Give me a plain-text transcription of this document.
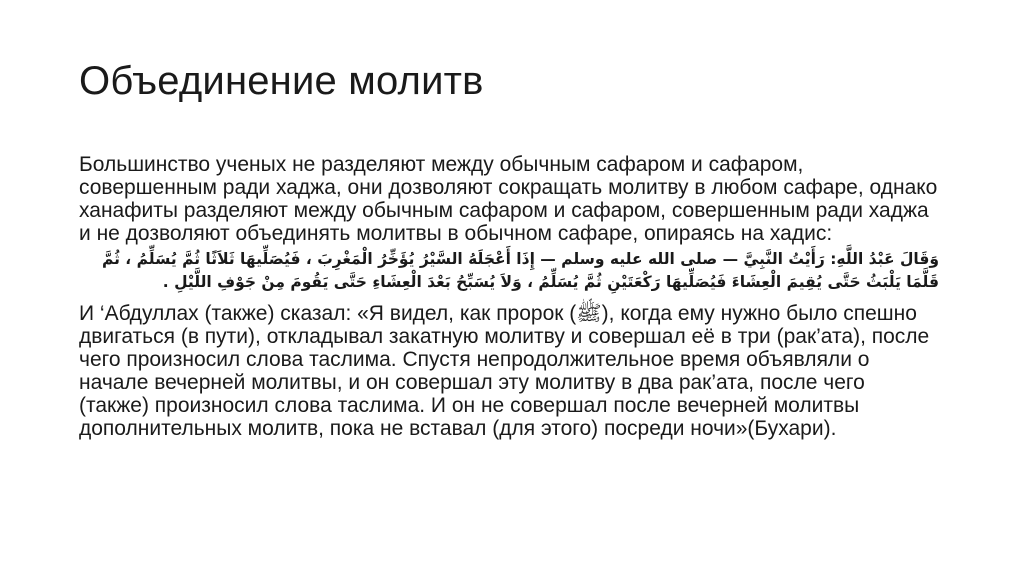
Объединение молитв

Большинство ученых не разделяют между обычным сафаром и сафаром, совершенным ради хаджа, они дозволяют сокращать молитву в любом сафаре, однако ханафиты разделяют между обычным сафаром и сафаром, совершенным ради хаджа и не дозволяют объединять молитвы в обычном сафаре, опираясь на хадис:

وَقَالَ عَبْدُ اللَّهِ: رَأَيْتُ النَّبِيَّ — صلى الله عليه وسلم — إِذَا أَعْجَلَهُ السَّيْرُ يُؤَخِّرُ الْمَغْرِبَ ، فَيُصَلِّيهَا ثَلاَثًا ثُمَّ يُسَلِّمُ ، ثُمَّ قَلَّمَا يَلْبَثُ حَتَّى يُقِيمَ الْعِشَاءَ فَيُصَلِّيهَا رَكْعَتَيْنِ ثُمَّ يُسَلِّمُ ، وَلاَ يُسَبِّحُ بَعْدَ الْعِشَاءِ حَتَّى يَقُومَ مِنْ جَوْفِ اللَّيْلِ .

И ‘Абдуллах (также) сказал: «Я видел, как пророк (ﷺ), когда ему нужно было спешно двигаться (в пути), откладывал закатную молитву и совершал её в три (рак’ата), после чего произносил слова таслима. Спустя непродолжительное время объявляли о начале вечерней молитвы, и он совершал эту молитву в два рак’ата, после чего (также) произносил слова таслима. И он не совершал после вечерней молитвы дополнительных молитв, пока не вставал (для этого) посреди ночи»(Бухари).
